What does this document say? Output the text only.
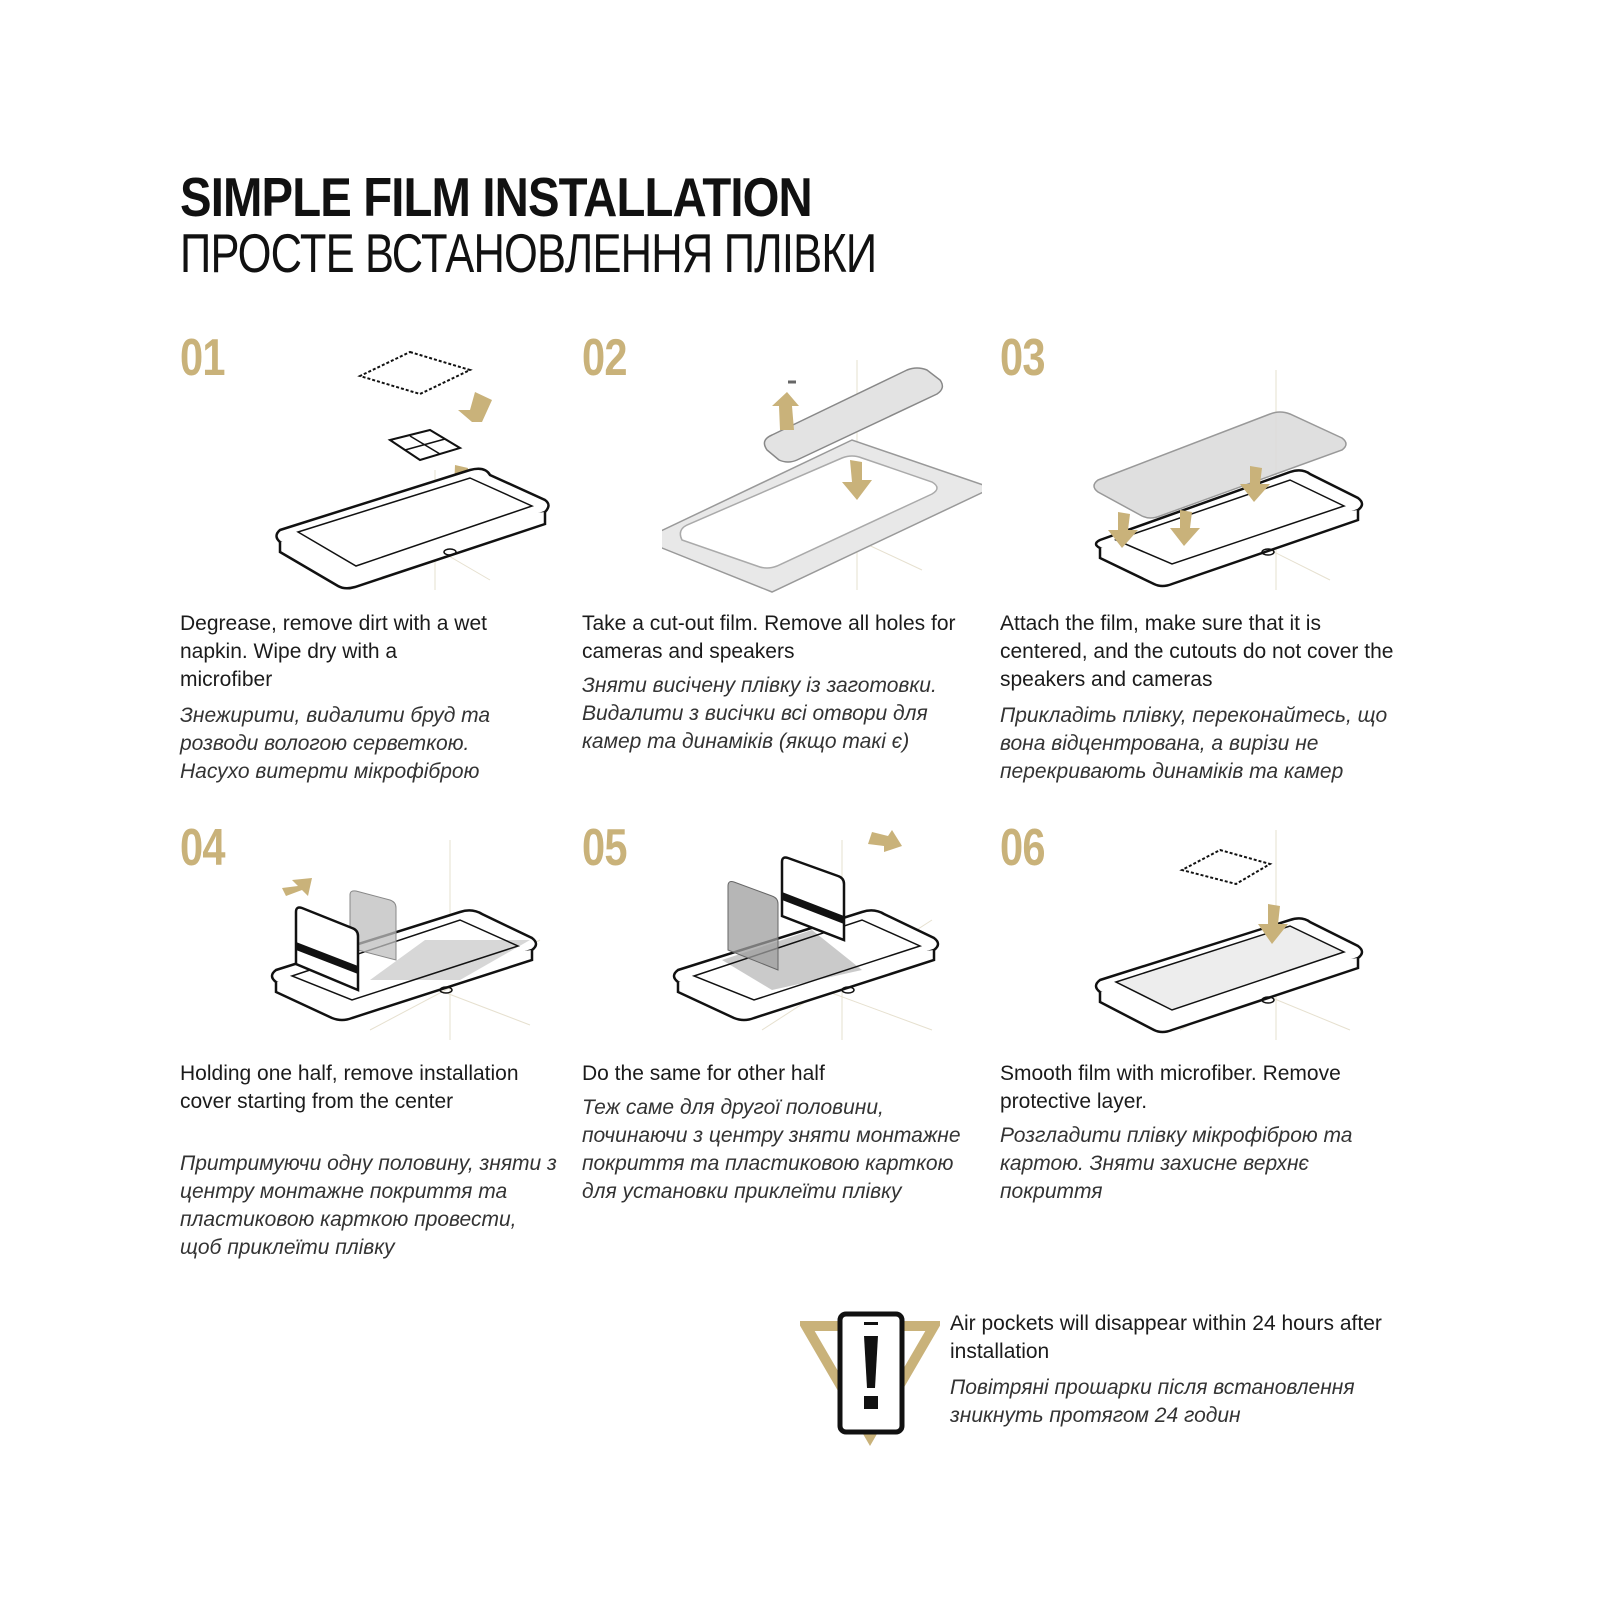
SIMPLE FILM INSTALLATION
ПРОСТЕ ВСТАНОВЛЕННЯ ПЛІВКИ
01

Degrease, remove dirt with a wet napkin. Wipe dry with a microfiber

Знежирити, видалити бруд та розводи вологою серветкою. Насухо витерти мікрофіброю

02

Take a cut-out film. Remove all holes for cameras and speakers

Зняти висічену плівку із заготовки. Видалити з висічки всі отвори для камер та динаміків (якщо такі є)

03

Attach the film, make sure that it is centered, and the cutouts do not cover the speakers and cameras

Прикладіть плівку, переконайтесь, що вона відцентрована, а вирізи не перекривають динаміків та камер

04

Holding one half, remove installation cover starting from the center

Притримуючи одну половину, зняти з центру монтажне покриття та пластиковою карткою провести, щоб приклеїти плівку

05

Do the same for other half

Теж саме для другої половини, починаючи з центру зняти монтажне покриття та пластиковою карткою для установки приклеїти плівку

06

Smooth film with microfiber. Remove protective layer.

Розгладити плівку мікрофіброю та картою. Зняти захисне верхнє покриття

Air pockets will disappear within 24 hours after installation

Повітряні прошарки після встановлення зникнуть протягом 24 годин
